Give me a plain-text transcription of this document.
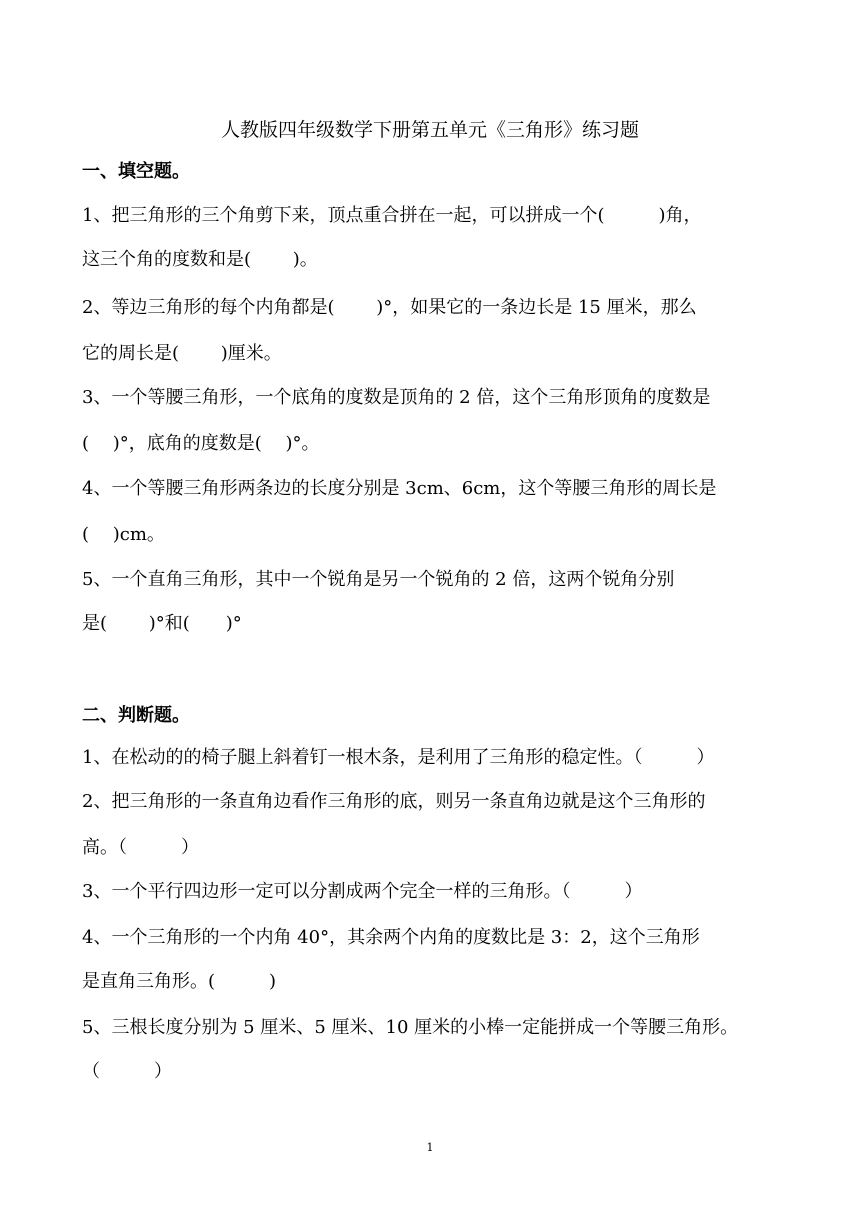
人教版四年级数学下册第五单元《三角形》练习题
一、填空题。
1、把三角形的三个角剪下来，顶点重合拼在一起，可以拼成一个(　　　)角，
这三个角的度数和是(　　 )。
2、等边三角形的每个内角都是(　　 )°，如果它的一条边长是 15 厘米，那么
它的周长是(　　 )厘米。
3、一个等腰三角形，一个底角的度数是顶角的 2 倍，这个三角形顶角的度数是
(　 )°，底角的度数是(　 )°。
4、一个等腰三角形两条边的长度分别是 3cm、6cm，这个等腰三角形的周长是
(　 )cm。
5、一个直角三角形，其中一个锐角是另一个锐角的 2 倍，这两个锐角分别
是(　　 )°和(　　)°
二、判断题。
1、在松动的的椅子腿上斜着钉一根木条，是利用了三角形的稳定性。（　　　）
2、把三角形的一条直角边看作三角形的底，则另一条直角边就是这个三角形的
高。（　　　）
3、一个平行四边形一定可以分割成两个完全一样的三角形。（　　　）
4、一个三角形的一个内角 40°，其余两个内角的度数比是 3：2，这个三角形
是直角三角形。(　　　)
5、三根长度分别为 5 厘米、5 厘米、10 厘米的小棒一定能拼成一个等腰三角形。
（　　　）
1
